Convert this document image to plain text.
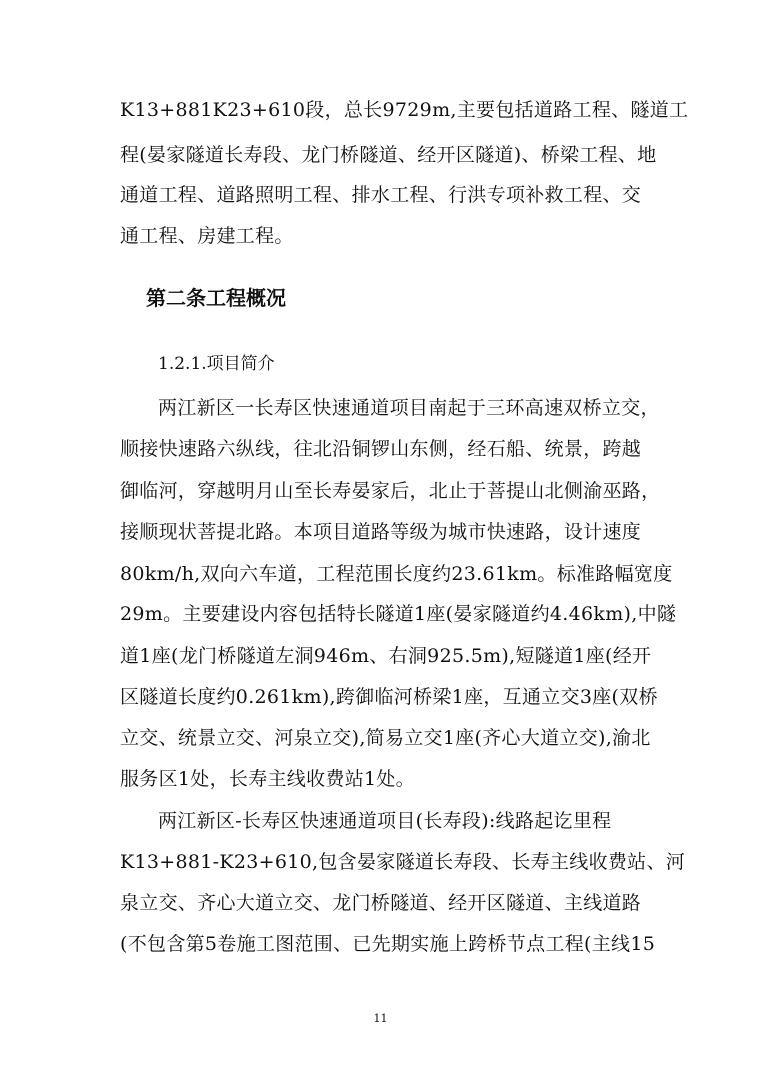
K13+881K23+610段，总长9729m,主要包括道路工程、隧道工
程(晏家隧道长寿段、龙门桥隧道、经开区隧道)、桥梁工程、地
通道工程、道路照明工程、排水工程、行洪专项补救工程、交
通工程、房建工程。
第二条工程概况
1.2.1.项目简介
两江新区一长寿区快速通道项目南起于三环高速双桥立交，
顺接快速路六纵线，往北沿铜锣山东侧，经石船、统景，跨越
御临河，穿越明月山至长寿晏家后，北止于菩提山北侧渝巫路，
接顺现状菩提北路。本项目道路等级为城市快速路，设计速度
80km/h,双向六车道，工程范围长度约23.61km。标准路幅宽度
29m。主要建设内容包括特长隧道1座(晏家隧道约4.46km),中隧
道1座(龙门桥隧道左洞946m、右洞925.5m),短隧道1座(经开
区隧道长度约0.261km),跨御临河桥梁1座，互通立交3座(双桥
立交、统景立交、河泉立交),简易立交1座(齐心大道立交),渝北
服务区1处，长寿主线收费站1处。
两江新区-长寿区快速通道项目(长寿段):线路起讫里程
K13+881-K23+610,包含晏家隧道长寿段、长寿主线收费站、河
泉立交、齐心大道立交、龙门桥隧道、经开区隧道、主线道路
(不包含第5卷施工图范围、已先期实施上跨桥节点工程(主线15
11
